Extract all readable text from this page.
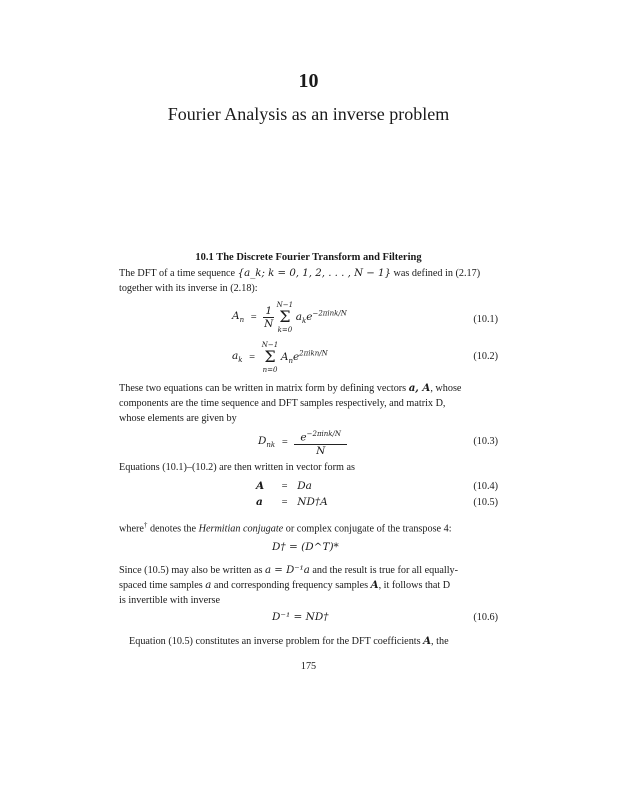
10
Fourier Analysis as an inverse problem
10.1 The Discrete Fourier Transform and Filtering
The DFT of a time sequence {a_k; k = 0, 1, 2, . . . , N − 1} was defined in (2.17)
together with its inverse in (2.18):
$A_n = \frac{1}{N} N-1$
Σ
k=0 $a_ke^{-2\pi ink/N}$
(10.1)
$a_k = N-1$
Σ
n=0 $A_ne^{2\pi ikn/N}$	(10.2)
These two equations can be written in matrix form by defining vectors a, A, whose
components are the time sequence and DFT samples respectively, and matrix D,
whose elements are given by
$D_{nk} = \frac{e^{-2\pi ink/N}}{N}$	(10.3)
Equations (10.1)–(10.2) are then written in vector form as
A = Da	(10.4)
a = ND†A	(10.5)
where† denotes the Hermitian conjugate or complex conjugate of the transpose 4:
D† = (D^T)*
Since (10.5) may also be written as a = D⁻¹a and the result is true for all equally-
spaced time samples a and corresponding frequency samples A, it follows that D
is invertible with inverse
D⁻¹ = ND†	(10.6)
Equation (10.5) constitutes an inverse problem for the DFT coefficients A, the
175
